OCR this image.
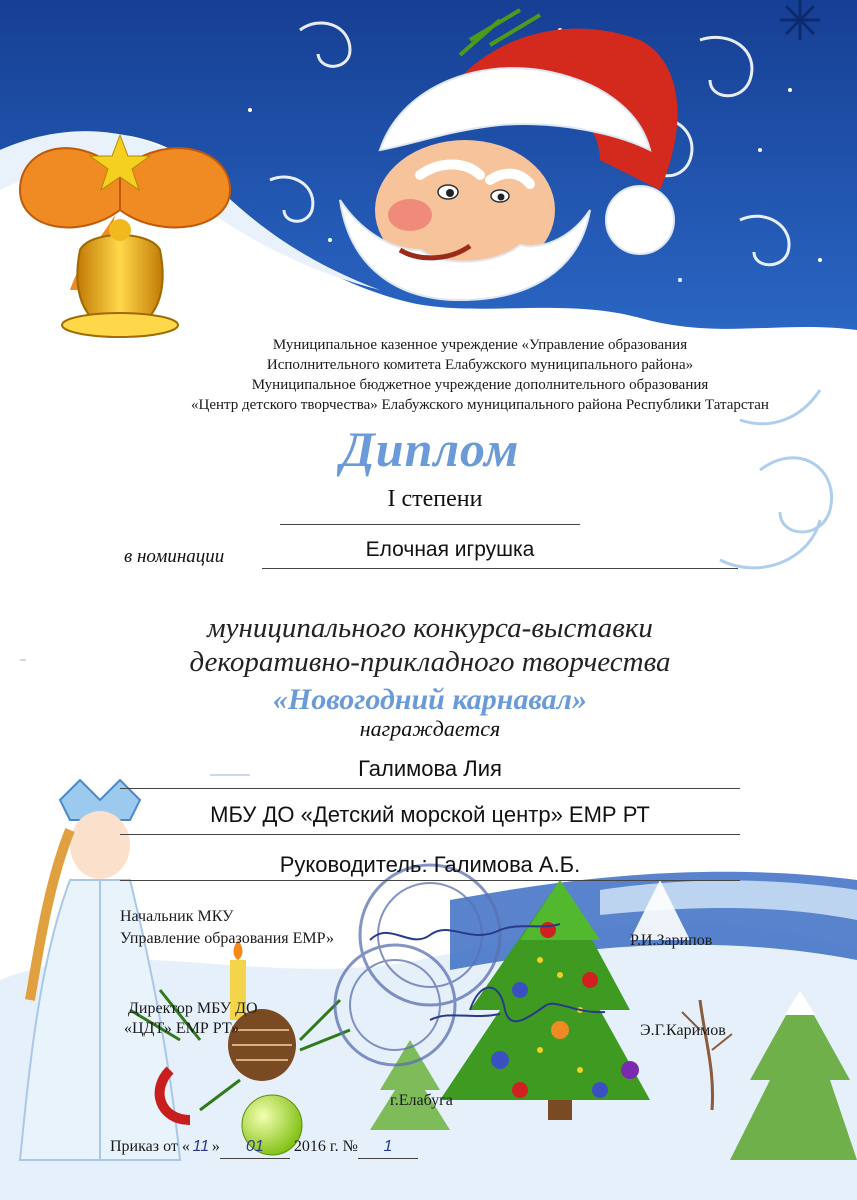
Муниципальное казенное учреждение «Управление образования
Исполнительного комитета Елабужского муниципального района»
Муниципальное бюджетное учреждение дополнительного образования
«Центр детского творчества» Елабужского муниципального района Республики Татарстан
Диплом
I степени
в номинации	Елочная игрушка
муниципального конкурса-выставки
декоративно-прикладного творчества
«Новогодний карнавал»
награждается
Галимова Лия
МБУ ДО «Детский морской центр» ЕМР РТ
Руководитель: Галимова А.Б.
Начальник МКУ
Управление образования ЕМР»	Р.И.Зарипов
Директор МБУ ДО
«ЦДТ» ЕМР РТ»	Э.Г.Каримов
г.Елабуга
Приказ от « 11 » 01 2016 г. № 1
